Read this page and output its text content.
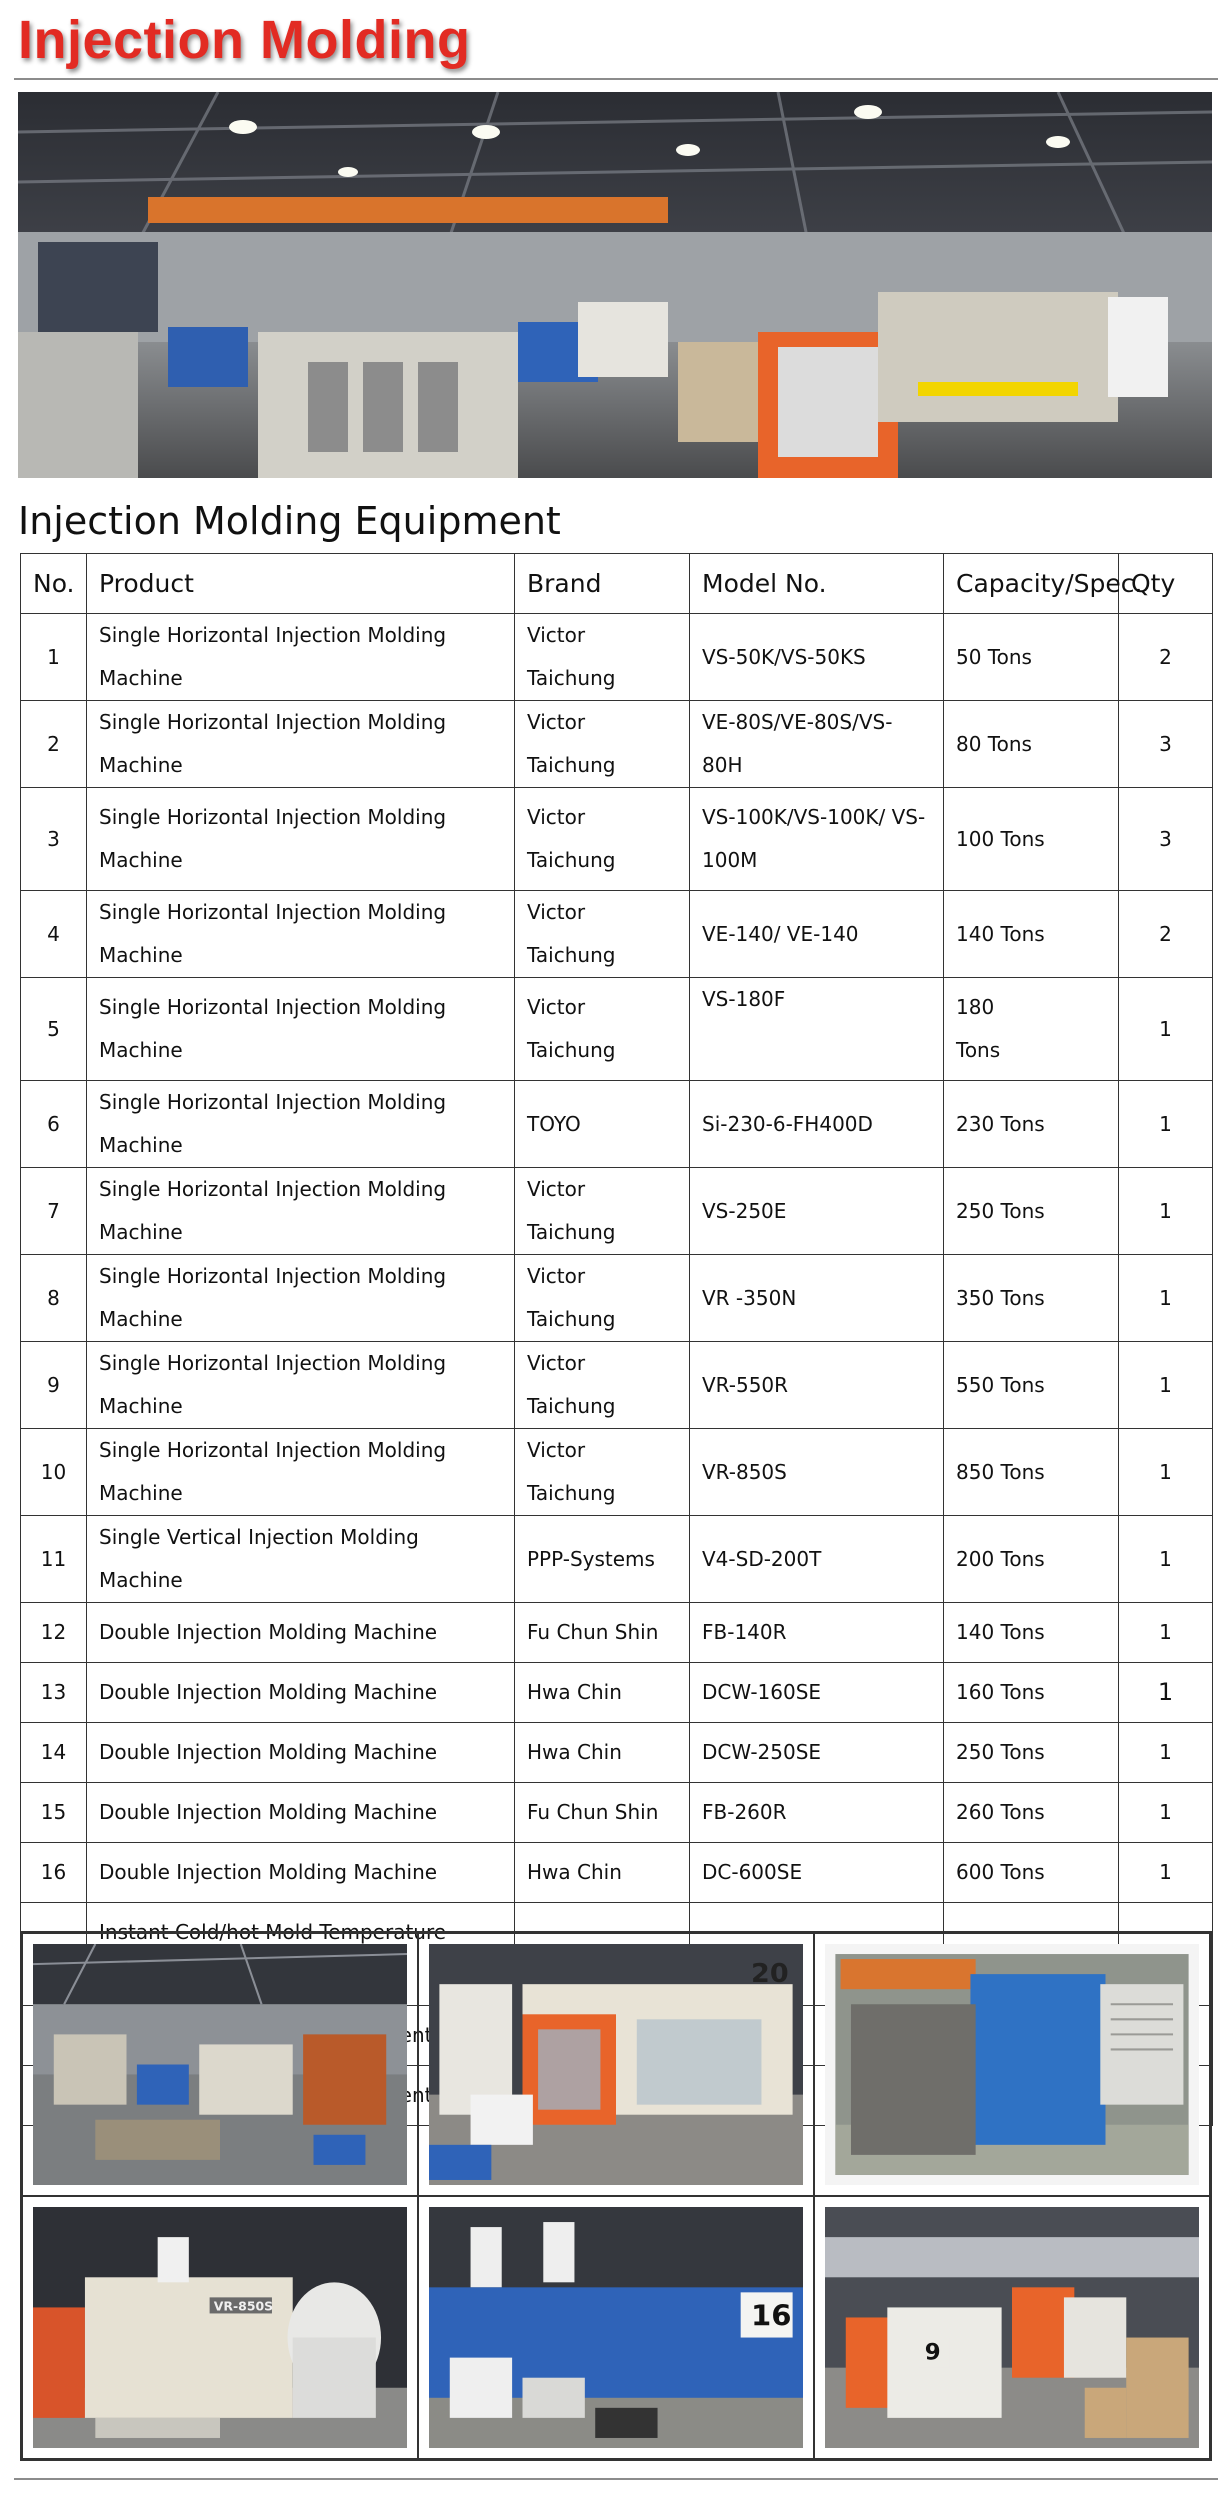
Injection Molding
Injection Molding Equipment
No.	Product	Brand	Model No.	Capacity/Spec.	Qty
1	Single Horizontal Injection Molding Machine	Victor Taichung	VS-50K/VS-50KS	50 Tons	2
2	Single Horizontal Injection Molding Machine	Victor Taichung	VE-80S/VE-80S/VS-80H	80 Tons	3
3	Single Horizontal Injection Molding Machine	Victor Taichung	VS-100K/VS-100K/ VS-100M	100 Tons	3
4	Single Horizontal Injection Molding Machine	Victor Taichung	VE-140/ VE-140	140 Tons	2
5	Single Horizontal Injection Molding Machine	Victor Taichung	VS-180F	180 Tons	1
6	Single Horizontal Injection Molding Machine	TOYO	Si-230-6-FH400D	230 Tons	1
7	Single Horizontal Injection Molding Machine	Victor Taichung	VS-250E	250 Tons	1
8	Single Horizontal Injection Molding Machine	Victor Taichung	VR -350N	350 Tons	1
9	Single Horizontal Injection Molding Machine	Victor Taichung	VR-550R	550 Tons	1
10	Single Horizontal Injection Molding Machine	Victor Taichung	VR-850S	850 Tons	1
11	Single Vertical Injection Molding Machine	PPP-Systems	V4-SD-200T	200 Tons	1
12	Double Injection Molding Machine	Fu Chun Shin	FB-140R	140 Tons	1
13	Double Injection Molding Machine	Hwa Chin	DCW-160SE	160 Tons	1
14	Double Injection Molding Machine	Hwa Chin	DCW-250SE	250 Tons	1
15	Double Injection Molding Machine	Fu Chun Shin	FB-260R	260 Tons	1
16	Double Injection Molding Machine	Hwa Chin	DC-600SE	600 Tons	1
	Instant Cold/hot Mold Temperature				

20
VR-850S	16
9
